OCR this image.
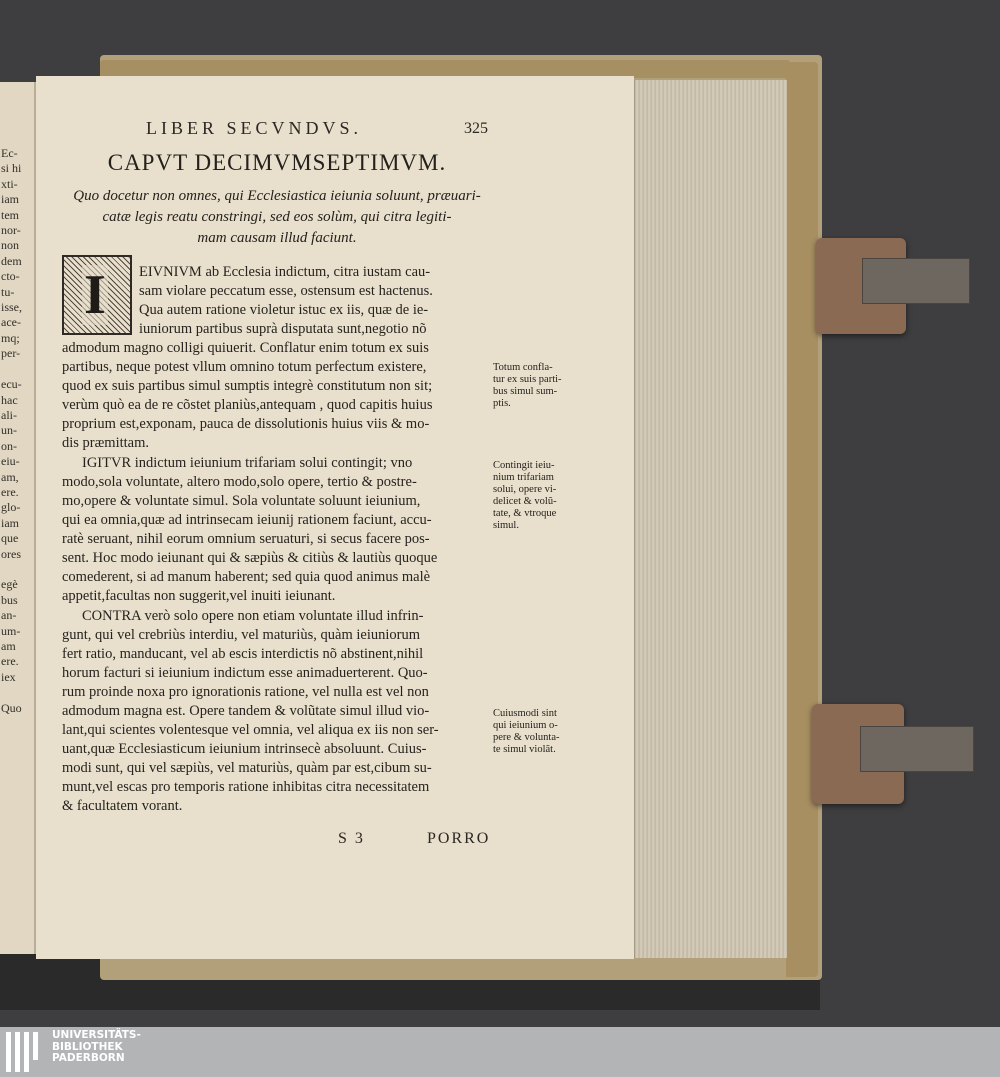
Ec-
si hi
xti-
iam
tem
nor-
non
dem
cto-
tu-
isse,
ace-
mq;
per-

ecu-
hac
ali-
un-
on-
eiu-
am,
ere.
glo-
iam
que
ores

egè
bus
an-
um-
am
ere.
iex

Quo
LIBER SECVNDVS.	325
CAPVT DECIMVMSEPTIMVM.
Quo docetur non omnes, qui Ecclesiastica ieiunia soluunt, præuari-
catæ legis reatu constringi, sed eos solùm, qui citra legiti-
mam causam illud faciunt.
I EIVNIVM ab Ecclesia indictum, citra iustam cau-
sam violare peccatum esse, ostensum est hactenus.
Qua autem ratione violetur istuc ex iis, quæ de ie-
iuniorum partibus suprà disputata sunt,negotio nõ
admodum magno colligi quiuerit. Conflatur enim totum ex suis
partibus, neque potest vllum omnino totum perfectum existere,
quod ex suis partibus simul sumptis integrè constitutum non sit;
verùm quò ea de re cõstet planiùs,antequam , quod capitis huius
proprium est,exponam, pauca de dissolutionis huius viis & mo-
dis præmittam.
IGITVR indictum ieiunium trifariam solui contingit; vno
modo,sola voluntate, altero modo,solo opere, tertio & postre-
mo,opere & voluntate simul. Sola voluntate soluunt ieiunium,
qui ea omnia,quæ ad intrinsecam ieiunij rationem faciunt, accu-
ratè seruant, nihil eorum omnium seruaturi, si secus facere pos-
sent. Hoc modo ieiunant qui & sæpiùs & citiùs & lautiùs quoque
comederent, si ad manum haberent; sed quia quod animus malè
appetit,facultas non suggerit,vel inuiti ieiunant.
CONTRA verò solo opere non etiam voluntate illud infrin-
gunt, qui vel crebriùs interdiu, vel maturiùs, quàm ieiuniorum
fert ratio, manducant, vel ab escis interdictis nõ abstinent,nihil
horum facturi si ieiunium indictum esse animaduerterent. Quo-
rum proinde noxa pro ignorationis ratione, vel nulla est vel non
admodum magna est. Opere tandem & volũtate simul illud vio-
lant,qui scientes volentesque vel omnia, vel aliqua ex iis non ser-
uant,quæ Ecclesiasticum ieiunium intrinsecè absoluunt. Cuius-
modi sunt, qui vel sæpiùs, vel maturiùs, quàm par est,cibum su-
munt,vel escas pro temporis ratione inhibitas citra necessitatem
& facultatem vorant.
Totum confla-
tur ex suis parti-
bus simul sum-
ptis.
Contingit ieiu-
nium trifariam
solui, opere vi-
delicet & volũ-
tate, & vtroque
simul.
Cuiusmodi sint
qui ieiunium o-
pere & volunta-
te simul violãt.
S 3	PORRO
UNIVERSITÄTS-
BIBLIOTHEK
PADERBORN
